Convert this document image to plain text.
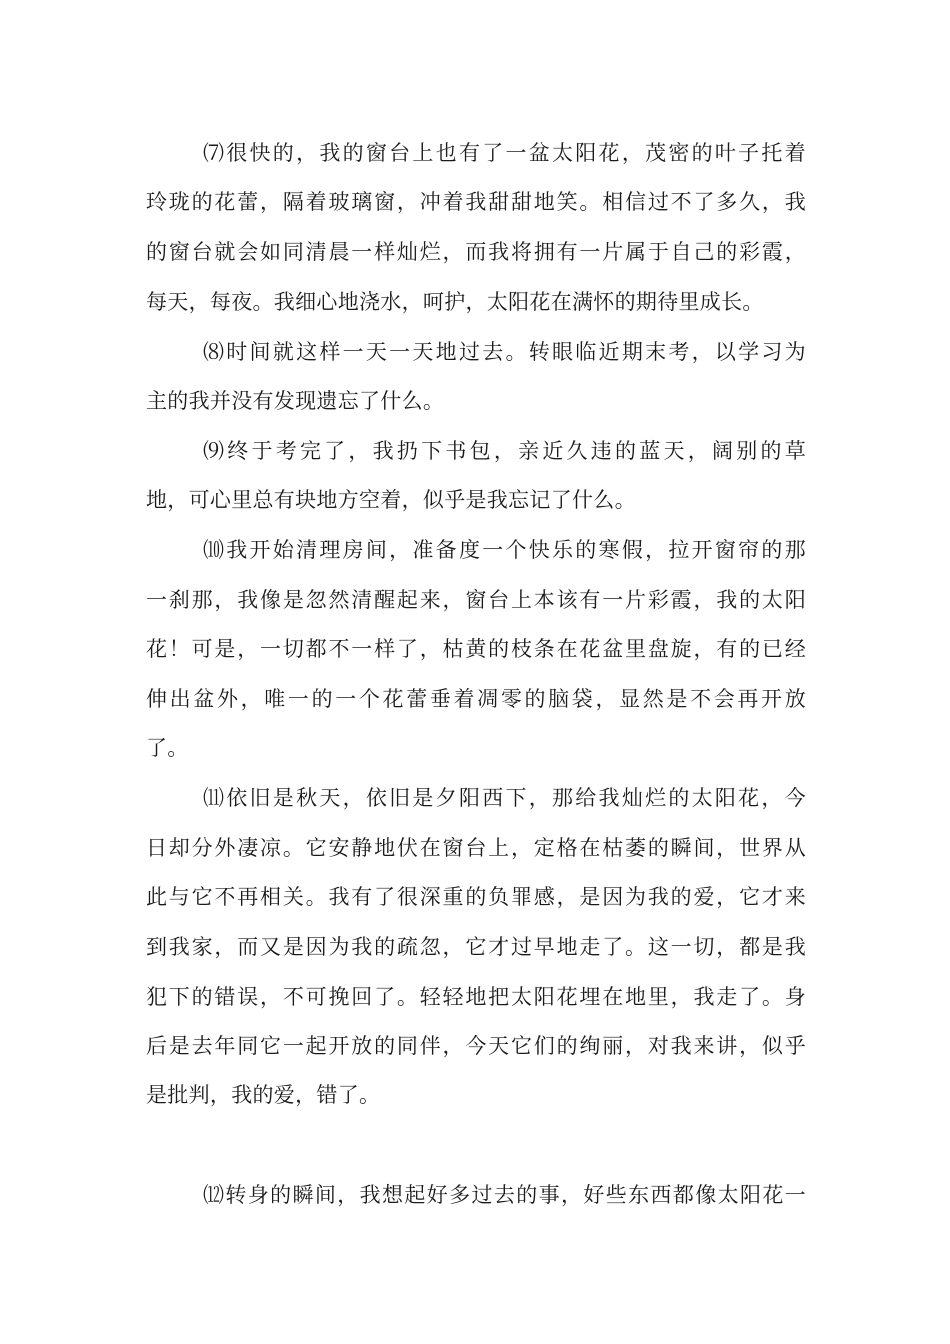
⑺很快的，我的窗台上也有了一盆太阳花，茂密的叶子托着
玲珑的花蕾，隔着玻璃窗，冲着我甜甜地笑。相信过不了多久，我
的窗台就会如同清晨一样灿烂，而我将拥有一片属于自己的彩霞，
每天，每夜。我细心地浇水，呵护，太阳花在满怀的期待里成长。
⑻时间就这样一天一天地过去。转眼临近期末考，以学习为
主的我并没有发现遗忘了什么。
⑼终于考完了，我扔下书包，亲近久违的蓝天，阔别的草
地，可心里总有块地方空着，似乎是我忘记了什么。
⑽我开始清理房间，准备度一个快乐的寒假，拉开窗帘的那
一刹那，我像是忽然清醒起来，窗台上本该有一片彩霞，我的太阳
花！可是，一切都不一样了，枯黄的枝条在花盆里盘旋，有的已经
伸出盆外，唯一的一个花蕾垂着凋零的脑袋，显然是不会再开放
了。
⑾依旧是秋天，依旧是夕阳西下，那给我灿烂的太阳花，今
日却分外凄凉。它安静地伏在窗台上，定格在枯萎的瞬间，世界从
此与它不再相关。我有了很深重的负罪感，是因为我的爱，它才来
到我家，而又是因为我的疏忽，它才过早地走了。这一切，都是我
犯下的错误，不可挽回了。轻轻地把太阳花埋在地里，我走了。身
后是去年同它一起开放的同伴，今天它们的绚丽，对我来讲，似乎
是批判，我的爱，错了。
⑿转身的瞬间，我想起好多过去的事，好些东西都像太阳花一
